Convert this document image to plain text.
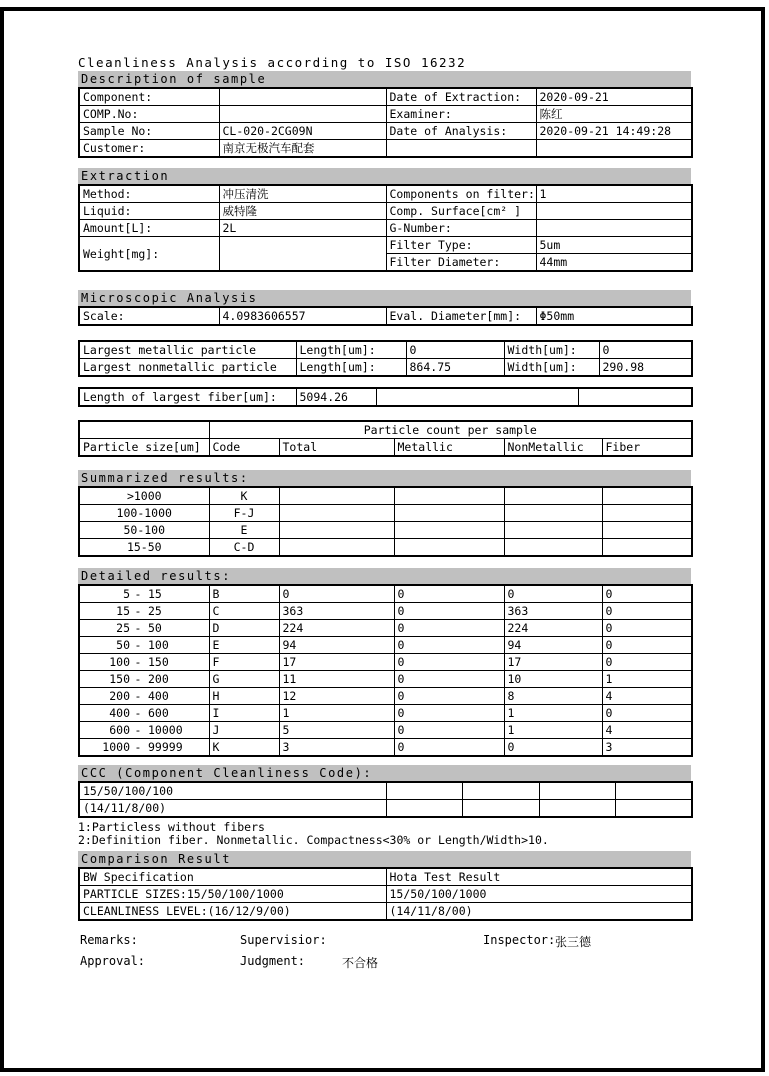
Cleanliness Analysis according to ISO 16232
Description of sample
Component:		Date of Extraction:	2020-09-21
COMP.No:		Examiner:	陈红
Sample No:	CL-020-2CG09N	Date of Analysis:	2020-09-21 14:49:28
Customer:	南京无极汽车配套		
Extraction
Method:	冲压清洗	Components on filter:	1
Liquid:	威特隆	Comp. Surface[cm² ]	
Amount[L]:	2L	G-Number:	
Weight[mg]:		Filter Type:	5um
		Filter Diameter:	44mm
Microscopic Analysis
Scale:	4.0983606557	Eval. Diameter[mm]:	Φ50mm
Largest metallic particle	Length[um]:	0	Width[um]:	0
Largest nonmetallic particle	Length[um]:	864.75	Width[um]:	290.98
Length of largest fiber[um]:	5094.26		
	Particle count per sample				
Particle size[um]	Code	Total	Metallic	NonMetallic	Fiber
Summarized results:
>1000	K				
100-1000	F-J				
50-100	E				
15-50	C-D				
Detailed results:
5 - 15	B	0	0	0	0

15 - 25	C	363	0	363	0

25 - 50	D	224	0	224	0

50 - 100	E	94	0	94	0

100 - 150	F	17	0	17	0

150 - 200	G	11	0	10	1

200 - 400	H	12	0	8	4

400 - 600	I	1	0	1	0

600 - 10000	J	5	0	1	4

1000 - 99999	K	3	0	0	3
CCC (Component Cleanliness Code):
15/50/100/100				
(14/11/8/00)				
1:Particless without fibers
2:Definition fiber. Nonmetallic. Compactness<30% or Length/Width>10.
Comparison Result
BW Specification	Hota Test Result
PARTICLE SIZES:15/50/100/1000	15/50/100/1000
CLEANLINESS LEVEL:(16/12/9/00)	(14/11/8/00)
Remarks:	Supervisior:	Inspector: 张三德
Approval:	Judgment:	不合格
